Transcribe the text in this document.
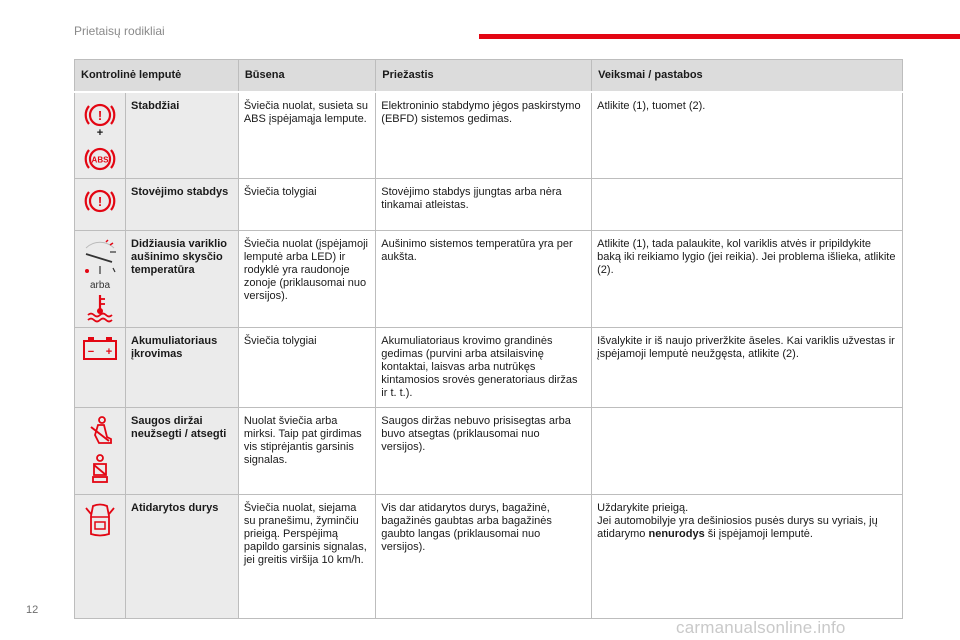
Prietaisų rodikliai
Kontrolinė lemputė		Būsena	Priežastis	Veiksmai / pastabos

!
+
ABS	Stabdžiai	Šviečia nuolat, susieta su ABS įspėjamąja lempute.	Elektroninio stabdymo jėgos paskirstymo (EBFD) sistemos gedimas.	Atlikite (1), tuomet (2).

!	Stovėjimo stabdys	Šviečia tolygiai	Stovėjimo stabdys įjungtas arba nėra tinkamai atleistas.	

arba	Didžiausia variklio aušinimo skysčio temperatūra	Šviečia nuolat (įspėjamoji lemputė arba LED) ir rodyklė yra raudonoje zonoje (priklausomai nuo versijos).	Aušinimo sistemos temperatūra yra per aukšta.	Atlikite (1), tada palaukite, kol variklis atvės ir pripildykite baką iki reikiamo lygio (jei reikia). Jei problema išlieka, atlikite (2).

− +	Akumuliatoriaus įkrovimas	Šviečia tolygiai	Akumuliatoriaus krovimo grandinės gedimas (purvini arba atsilaisvinę kontaktai, laisvas arba nutrūkęs kintamosios srovės generatoriaus diržas ir t. t.).	Išvalykite ir iš naujo priveržkite āseles. Kai variklis užvestas ir įspėjamoji lemputė neužgęsta, atlikite (2).

	Saugos diržai neužsegti / atsegti	Nuolat šviečia arba mirksi. Taip pat girdimas vis stiprėjantis garsinis signalas.	Saugos diržas nebuvo prisisegtas arba buvo atsegtas (priklausomai nuo versijos).	

	Atidarytos durys	Šviečia nuolat, siejama su pranešimu, žyminčiu prieigą. Perspėjimą papildo garsinis signalas, jei greitis viršija 10 km/h.	Vis dar atidarytos durys, bagažinė, bagažinės gaubtas arba bagažinės gaubto langas (priklausomai nuo versijos).	Uždarykite prieigą.
Jei automobilyje yra dešiniosios pusės durys su vyriais, jų atidarymo nenurodys ši įspėjamoji lemputė.
12
carmanualsonline.info
